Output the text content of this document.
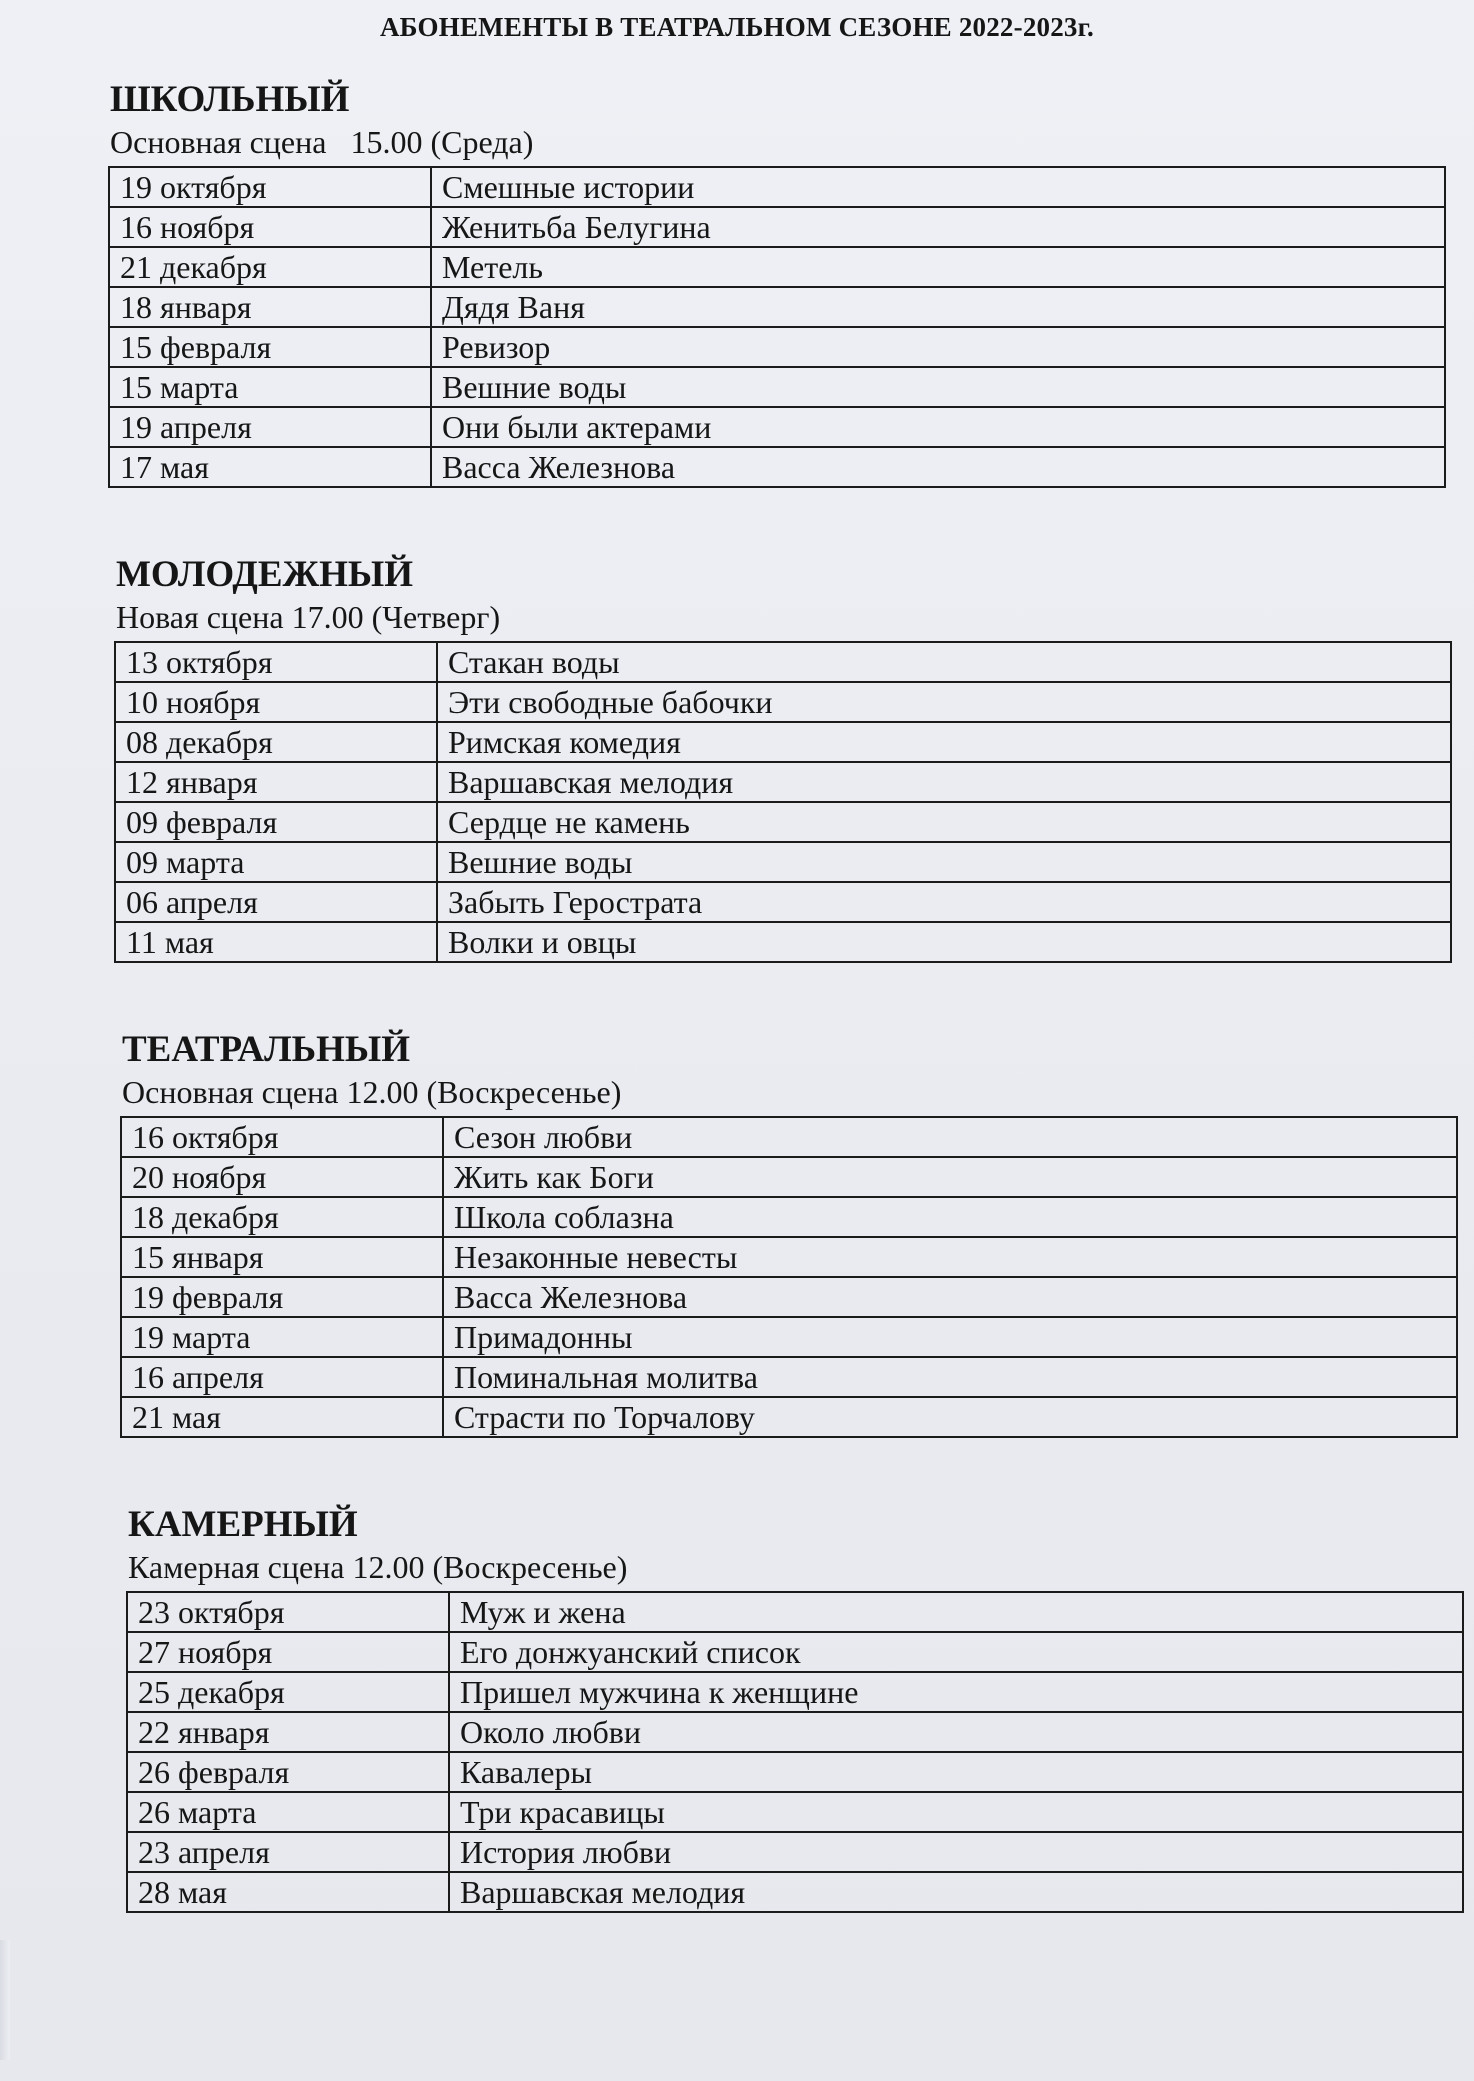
АБОНЕМЕНТЫ В ТЕАТРАЛЬНОМ СЕЗОНЕ 2022-2023г.
ШКОЛЬНЫЙ
Основная сцена   15.00 (Среда)
19 октября	Смешные истории
16 ноября	Женитьба Белугина
21 декабря	Метель
18 января	Дядя Ваня
15 февраля	Ревизор
15 марта	Вешние воды
19 апреля	Они были актерами
17 мая	Васса Железнова
МОЛОДЕЖНЫЙ
Новая сцена 17.00 (Четверг)
13 октября	Стакан воды
10 ноября	Эти свободные бабочки
08 декабря	Римская комедия
12 января	Варшавская мелодия
09 февраля	Сердце не камень
09 марта	Вешние воды
06 апреля	Забыть Герострата
11 мая	Волки и овцы
ТЕАТРАЛЬНЫЙ
Основная сцена 12.00 (Воскресенье)
16 октября	Сезон любви
20 ноября	Жить как Боги
18 декабря	Школа соблазна
15 января	Незаконные невесты
19 февраля	Васса Железнова
19 марта	Примадонны
16 апреля	Поминальная молитва
21 мая	Страсти по Торчалову
КАМЕРНЫЙ
Камерная сцена 12.00 (Воскресенье)
23 октября	Муж и жена
27 ноября	Его донжуанский список
25 декабря	Пришел мужчина к женщине
22 января	Около любви
26 февраля	Кавалеры
26 марта	Три красавицы
23 апреля	История любви
28 мая	Варшавская мелодия
